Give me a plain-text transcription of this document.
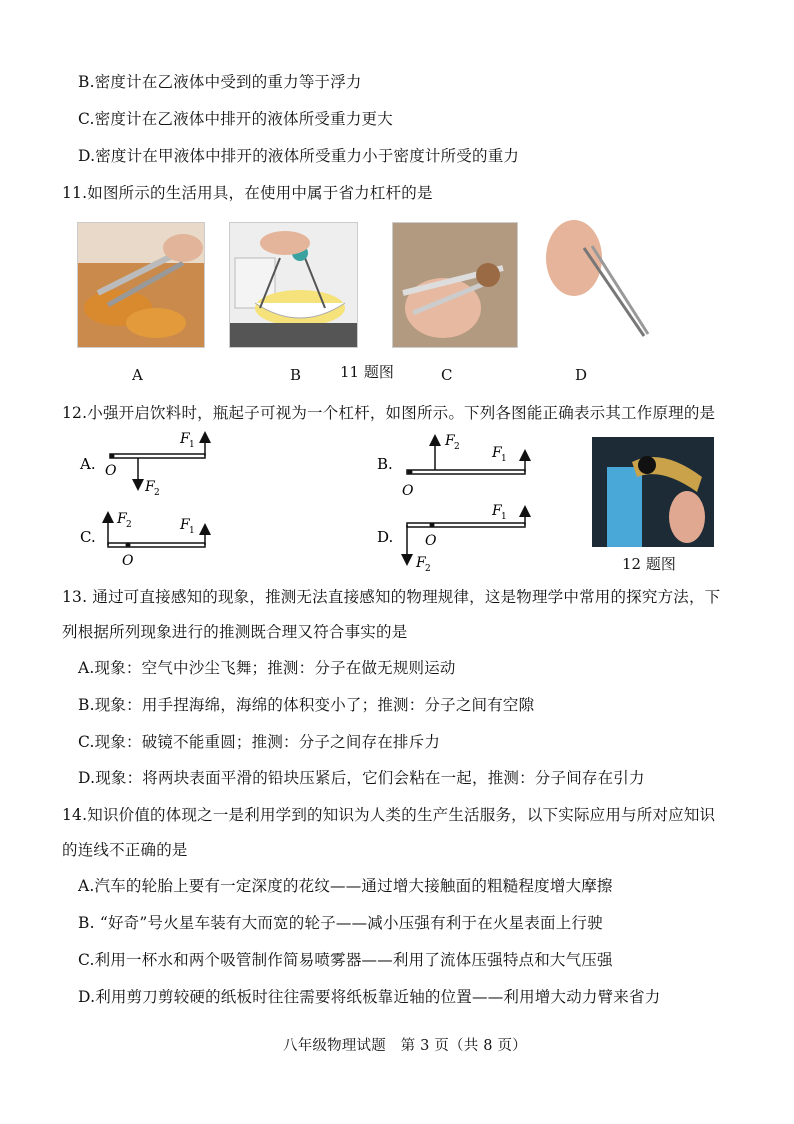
B.密度计在乙液体中受到的重力等于浮力
C.密度计在乙液体中排开的液体所受重力更大
D.密度计在甲液体中排开的液体所受重力小于密度计所受的重力
11.如图所示的生活用具，在使用中属于省力杠杆的是
A	B	11 题图	C	D
12.小强开启饮料时，瓶起子可视为一个杠杆，如图所示。下列各图能正确表示其工作原理的是
A. O
F 1
F 2
B.
O
F 2 F 1
C.
O
F 2	F 1	D. O
F 2
F 1
12 题图
13. 通过可直接感知的现象，推测无法直接感知的物理规律，这是物理学中常用的探究方法，下
列根据所列现象进行的推测既合理又符合事实的是
A.现象：空气中沙尘飞舞；推测：分子在做无规则运动
B.现象：用手捏海绵，海绵的体积变小了；推测：分子之间有空隙
C.现象：破镜不能重圆；推测：分子之间存在排斥力
D.现象：将两块表面平滑的铅块压紧后，它们会粘在一起，推测：分子间存在引力
14.知识价值的体现之一是利用学到的知识为人类的生产生活服务，以下实际应用与所对应知识
的连线不正确的是
A.汽车的轮胎上要有一定深度的花纹——通过增大接触面的粗糙程度增大摩擦
B. “好奇”号火星车装有大而宽的轮子——减小压强有利于在火星表面上行驶
C.利用一杯水和两个吸管制作简易喷雾器——利用了流体压强特点和大气压强
D.利用剪刀剪较硬的纸板时往往需要将纸板靠近轴的位置——利用增大动力臂来省力
八年级物理试题　第 3 页（共 8 页）
